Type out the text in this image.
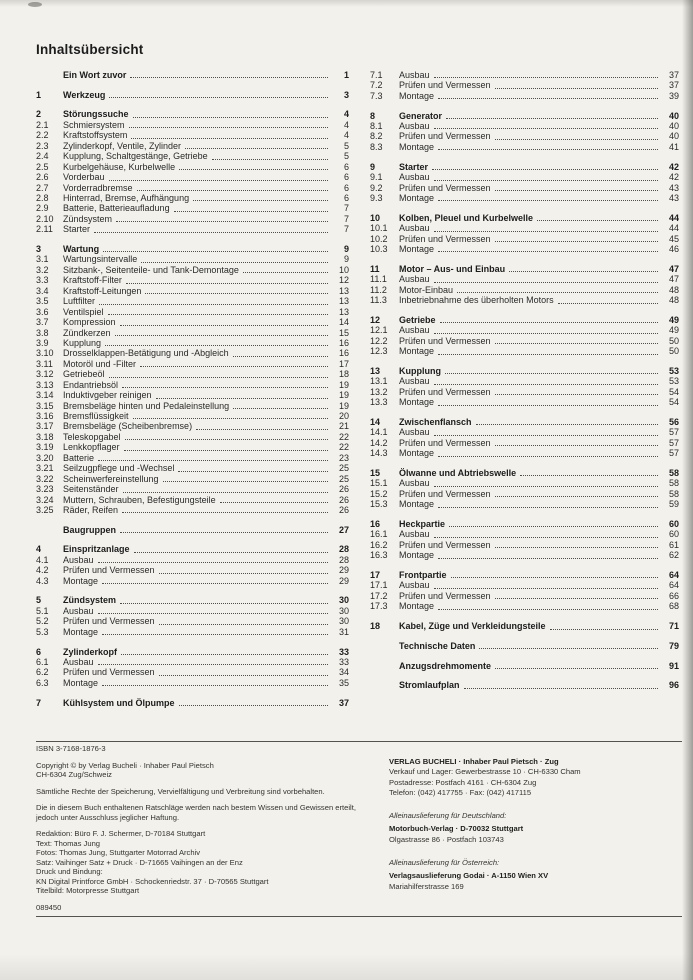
Inhaltsübersicht
Ein Wort zuvor	1
1	Werkzeug	3
2	Störungssuche	4
2.1	Schmiersystem	4
2.2	Kraftstoffsystem	4
2.3	Zylinderkopf, Ventile, Zylinder	5
2.4	Kupplung, Schaltgestänge, Getriebe	5
2.5	Kurbelgehäuse, Kurbelwelle	6
2.6	Vorderbau	6
2.7	Vorderradbremse	6
2.8	Hinterrad, Bremse, Aufhängung	6
2.9	Batterie, Batterieaufladung	7
2.10	Zündsystem	7
2.11	Starter	7
3	Wartung	9
3.1	Wartungsintervalle	9
3.2	Sitzbank-, Seitenteile- und Tank-Demontage	10
3.3	Kraftstoff-Filter	12
3.4	Kraftstoff-Leitungen	13
3.5	Luftfilter	13
3.6	Ventilspiel	13
3.7	Kompression	14
3.8	Zündkerzen	15
3.9	Kupplung	16
3.10	Drosselklappen-Betätigung und -Abgleich	16
3.11	Motoröl und -Filter	17
3.12	Getriebeöl	18
3.13	Endantriebsöl	19
3.14	Induktivgeber reinigen	19
3.15	Bremsbeläge hinten und Pedaleinstellung	19
3.16	Bremsflüssigkeit	20
3.17	Bremsbeläge (Scheibenbremse)	21
3.18	Teleskopgabel	22
3.19	Lenkkopflager	22
3.20	Batterie	23
3.21	Seilzugpflege und -Wechsel	25
3.22	Scheinwerfereinstellung	25
3.23	Seitenständer	26
3.24	Muttern, Schrauben, Befestigungsteile	26
3.25	Räder, Reifen	26
Baugruppen	27
4	Einspritzanlage	28
4.1	Ausbau	28
4.2	Prüfen und Vermessen	29
4.3	Montage	29
5	Zündsystem	30
5.1	Ausbau	30
5.2	Prüfen und Vermessen	30
5.3	Montage	31
6	Zylinderkopf	33
6.1	Ausbau	33
6.2	Prüfen und Vermessen	34
6.3	Montage	35
7	Kühlsystem und Ölpumpe	37
7.1	Ausbau	37
7.2	Prüfen und Vermessen	37
7.3	Montage	39
8	Generator	40
8.1	Ausbau	40
8.2	Prüfen und Vermessen	40
8.3	Montage	41
9	Starter	42
9.1	Ausbau	42
9.2	Prüfen und Vermessen	43
9.3	Montage	43
10	Kolben, Pleuel und Kurbelwelle	44
10.1	Ausbau	44
10.2	Prüfen und Vermessen	45
10.3	Montage	46
11	Motor – Aus- und Einbau	47
11.1	Ausbau	47
11.2	Motor-Einbau	48
11.3	Inbetriebnahme des überholten Motors	48
12	Getriebe	49
12.1	Ausbau	49
12.2	Prüfen und Vermessen	50
12.3	Montage	50
13	Kupplung	53
13.1	Ausbau	53
13.2	Prüfen und Vermessen	54
13.3	Montage	54
14	Zwischenflansch	56
14.1	Ausbau	57
14.2	Prüfen und Vermessen	57
14.3	Montage	57
15	Ölwanne und Abtriebswelle	58
15.1	Ausbau	58
15.2	Prüfen und Vermessen	58
15.3	Montage	59
16	Heckpartie	60
16.1	Ausbau	60
16.2	Prüfen und Vermessen	61
16.3	Montage	62
17	Frontpartie	64
17.1	Ausbau	64
17.2	Prüfen und Vermessen	66
17.3	Montage	68
18	Kabel, Züge und Verkleidungsteile	71
Technische Daten	79
Anzugsdrehmomente	91
Stromlaufplan	96

ISBN 3-7168-1876-3

Copyright © by Verlag Bucheli · Inhaber Paul Pietsch
CH-6304 Zug/Schweiz

Sämtliche Rechte der Speicherung, Vervielfältigung und Verbreitung sind vorbehalten.

Die in diesem Buch enthaltenen Ratschläge werden nach bestem Wissen und Gewissen erteilt,
jedoch unter Ausschluss jeglicher Haftung.

Redaktion: Büro F. J. Schermer, D-70184 Stuttgart
Text: Thomas Jung
Fotos: Thomas Jung, Stuttgarter Motorrad Archiv
Satz: Vaihinger Satz + Druck · D-71665 Vaihingen an der Enz
Druck und Bindung:
KN Digital Printforce GmbH · Schockenriedstr. 37 · D-70565 Stuttgart
Titelbild: Motorpresse Stuttgart

089450

VERLAG BUCHELI · Inhaber Paul Pietsch · Zug
Verkauf und Lager: Gewerbestrasse 10 · CH-6330 Cham
Postadresse: Postfach 4161 · CH-6304 Zug
Telefon: (042) 417755 · Fax: (042) 417115
Alleinauslieferung für Deutschland:
Motorbuch-Verlag · D-70032 Stuttgart
Olgastrasse 86 · Postfach 103743
Alleinauslieferung für Österreich:
Verlagsauslieferung Godai · A-1150 Wien XV
Mariahilferstrasse 169
